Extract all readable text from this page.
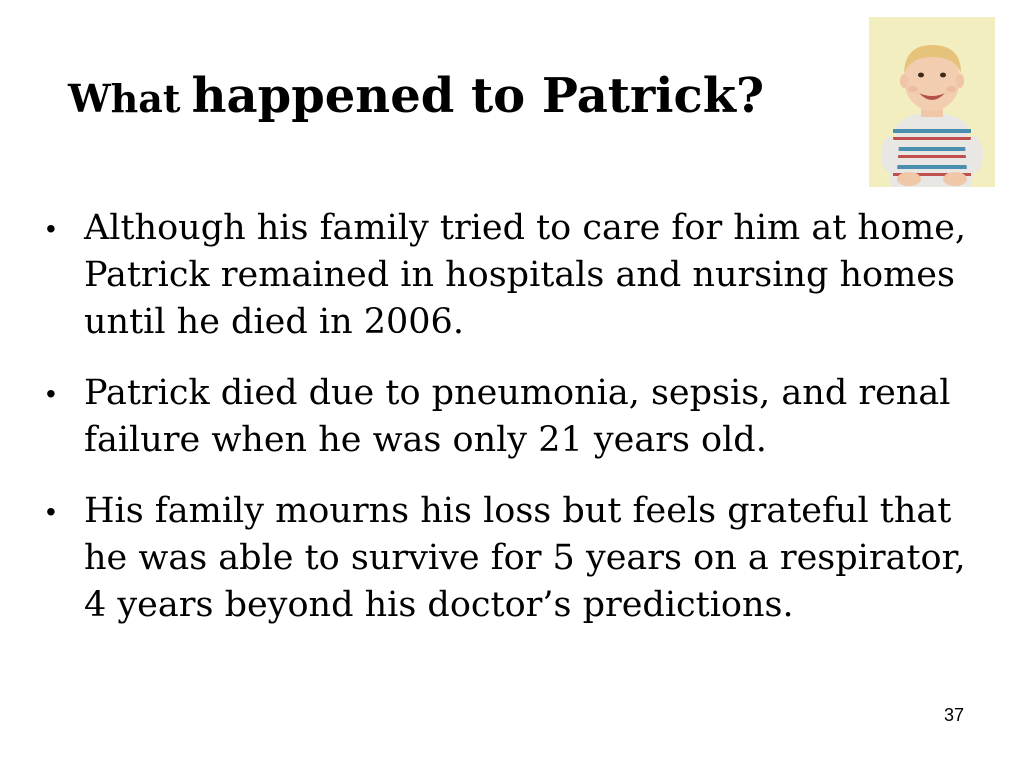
What happened to Patrick?
• Although his family tried to care for him at home, Patrick remained in hospitals and nursing homes until he died in 2006.
• Patrick died due to pneumonia, sepsis, and renal failure when he was only 21 years old.
• His family mourns his loss but feels grateful that he was able to survive for 5 years on a respirator, 4 years beyond his doctor’s predictions.
37
